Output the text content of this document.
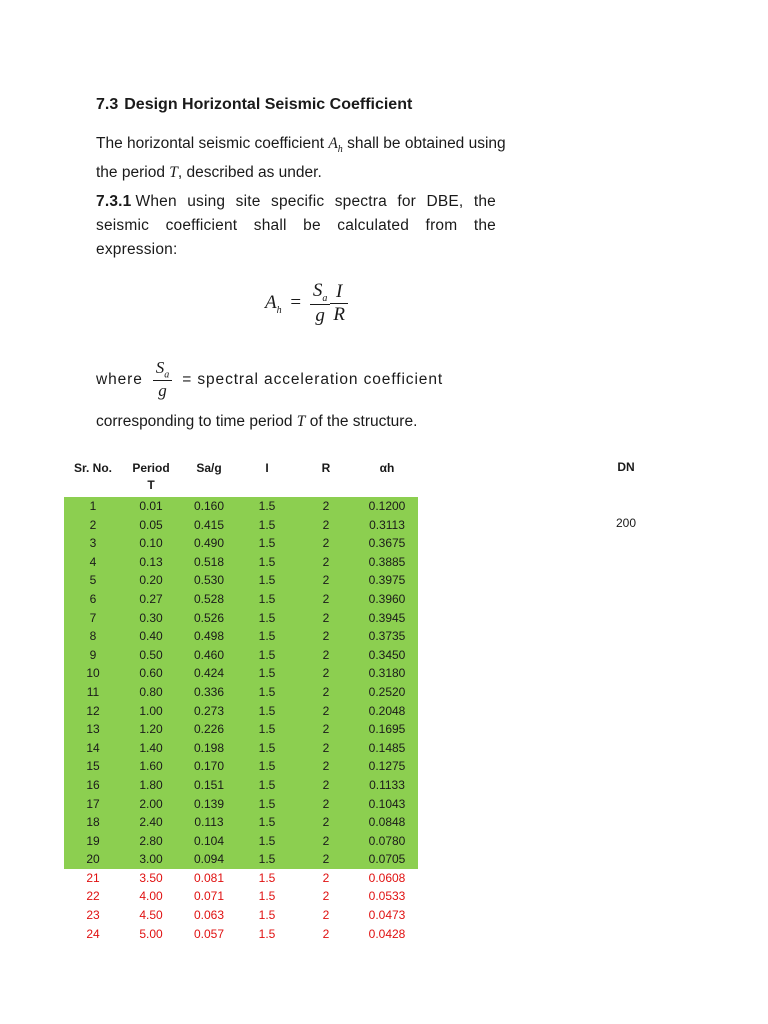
7.3 Design Horizontal Seismic Coefficient

The horizontal seismic coefficient $A_h$ shall be obtained using the period T, described as under.

7.3.1 When using site specific spectra for DBE, the seismic coefficient shall be calculated from the expression:

$A_h = \frac{S_a}{g} \frac{I}{R}$
where $\frac{S_a}{g}$ = spectral acceleration coefficient
corresponding to time period T of the structure.
Sr. No.	Period T	Sa/g	I	R	αh
1	0.01	0.160	1.5	2	0.1200
2	0.05	0.415	1.5	2	0.3113
3	0.10	0.490	1.5	2	0.3675
4	0.13	0.518	1.5	2	0.3885
5	0.20	0.530	1.5	2	0.3975
6	0.27	0.528	1.5	2	0.3960
7	0.30	0.526	1.5	2	0.3945
8	0.40	0.498	1.5	2	0.3735
9	0.50	0.460	1.5	2	0.3450
10	0.60	0.424	1.5	2	0.3180
11	0.80	0.336	1.5	2	0.2520
12	1.00	0.273	1.5	2	0.2048
13	1.20	0.226	1.5	2	0.1695
14	1.40	0.198	1.5	2	0.1485
15	1.60	0.170	1.5	2	0.1275
16	1.80	0.151	1.5	2	0.1133
17	2.00	0.139	1.5	2	0.1043
18	2.40	0.113	1.5	2	0.0848
19	2.80	0.104	1.5	2	0.0780
20	3.00	0.094	1.5	2	0.0705
21	3.50	0.081	1.5	2	0.0608
22	4.00	0.071	1.5	2	0.0533
23	4.50	0.063	1.5	2	0.0473
24	5.00	0.057	1.5	2	0.0428
DN
200
